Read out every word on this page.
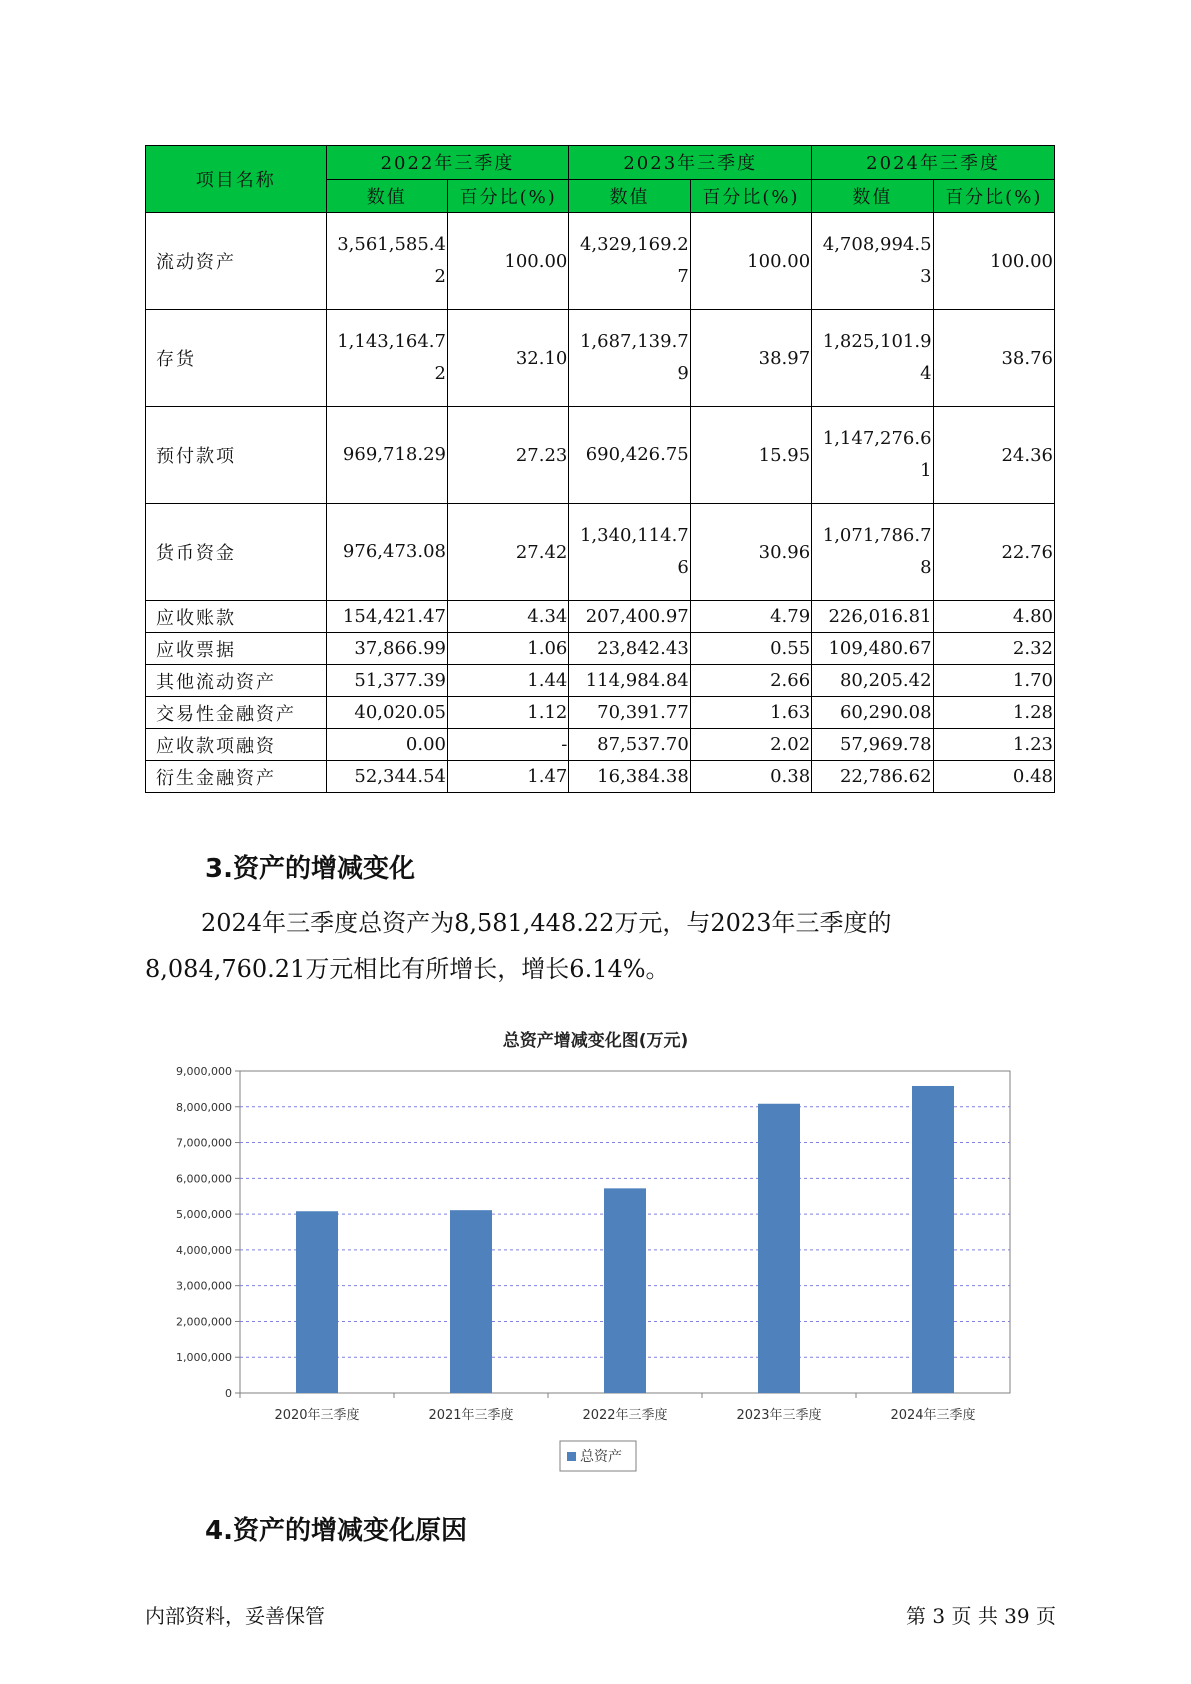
项目名称	2022年三季度		2023年三季度		2024年三季度	
	数值	百分比(%)	数值	百分比(%)	数值	百分比(%)
流动资产	3,561,585.42	100.00	4,329,169.27	100.00	4,708,994.53	100.00
存货	1,143,164.72	32.10	1,687,139.79	38.97	1,825,101.94	38.76
预付款项	969,718.29	27.23	690,426.75	15.95	1,147,276.61	24.36
货币资金	976,473.08	27.42	1,340,114.76	30.96	1,071,786.78	22.76
应收账款	154,421.47	4.34	207,400.97	4.79	226,016.81	4.80
应收票据	37,866.99	1.06	23,842.43	0.55	109,480.67	2.32
其他流动资产	51,377.39	1.44	114,984.84	2.66	80,205.42	1.70
交易性金融资产	40,020.05	1.12	70,391.77	1.63	60,290.08	1.28
应收款项融资	0.00	-	87,537.70	2.02	57,969.78	1.23
衍生金融资产	52,344.54	1.47	16,384.38	0.38	22,786.62	0.48
3.资产的增减变化
2024年三季度总资产为8,581,448.22万元，与2023年三季度的
8,084,760.21万元相比有所增长，增长6.14%。
总资产增减变化图(万元)
0
1,000,000
2,000,000
3,000,000
4,000,000
5,000,000
6,000,000
7,000,000
8,000,000
9,000,000
2020年三季度	2021年三季度	2022年三季度	2023年三季度	2024年三季度
总资产
4.资产的增减变化原因
内部资料，妥善保管	第 3 页 共 39 页
